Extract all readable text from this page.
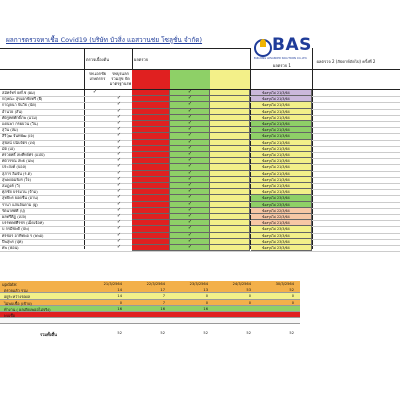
ผลการตรวจหาเชื้อ Covid19 (บริษัท บัวสิ่ง แอสวานช่ย โซลูชั่น จำกัด)	BAS
BUILDING ADVANCED SOLUTIONS CO.,LTD.
ตรวจเบื้องต้น
รพ.เอกชัย เกษตรกร
รพบุรแลกรวมสุข จัดมาตรฐานรพ
ผลตรวจ
ผลตรวจ 1
ผลตรวจ 2 (สัปดาห์ถัดไป) ครั้งที่ 2
สมัคร์ทร์ ยศไช (ผม)	✓	✓	ข้อสรุปไม่ 21/3/64
กฤษณะ สุขเอกชัยทรี (ผี)	✓	✓	ข้อสรุปไม่ 21/3/64
กาญจนา จันวิธ (นัด)	✓	✓	ข้อสรุปไม่ 21/3/64
อำนวย (สัน)	✓	✓	ข้อสรุปไม่ 21/3/64
ศัตรูทศศักดิ์ภพ (แวม)	✓	✓	ข้อสรุปไม่ 21/3/64
แดนพา กรผบวน (วิน)	✓	✓	ข้อสรุปไม่ 21/3/64
สุวัน (สม)	✓	✓	ข้อสรุปไม่ 21/3/64
สิริวุฒ จันทพัฒ (เจ)	✓	✓	ข้อสรุปไม่ 21/3/64
สุพัลน์ ปนับจัตร (เฟ)	✓	✓	ข้อสรุปไม่ 21/3/64
มัต (เอ)	✓	✓	ข้อสรุปไม่ 21/3/64
ศรวยทธิ์ ลพที่ทจ์ศร (แปป)	✓	✓	ข้อสรุปไม่ 21/3/64
ศตวรรณ สพธ (นพ)	✓	✓	ข้อสรุปไม่ 21/3/64
ประสงค์ (บอล)	✓	✓	ข้อสรุปไม่ 21/3/64
สุภาร ลิมจัน (ร.ต)	✓	✓	ข้อสรุปไม่ 21/3/64
สุพพยอมพิงร (ใจ)	✓	✓	ข้อสรุปไม่ 21/3/64
สมฎงค์ (วิ)	✓	✓	ข้อสรุปไม่ 21/3/64
ศุภชัย บรรมวน (จ้าม)	✓	✓	ข้อสรุปไม่ 21/3/64
สุทธิพร ยอดชื่น (อาน)	✓	✓	ข้อสรุปไม่ 23/3/64
รานา แสนจันดาม (ผู)	✓	✓	ข้อสรุปไม่ 23/3/64
รัตนาศศศิ (ปุ)	✓	✓	ข้อสรุปไม่ 22/3/64
ผลทรีศิฏ (เปล)	✓	✓	ข้อสรุปไม่ 22/3/64
บรรทดศศีรชร (เม็ดเจ้อท)	✓	✓	ข้อสรุปไม่ 21/3/64
บ กรมีชพดิ (ปพ)	✓	✓	ข้อสรุปไม่ 23/3/64
ศรชอร อาทิทพอ ร (พพอ)	✓	✓	ข้อสรุปไม่ 23/3/64
ปีพสุพร (ปุค)	✓	✓	ข้อสรุปไม่ 23/3/64
ศพ (ฟอน)	✓	✓	ข้อสรุปไม่ 23/3/64
update:	21/3/2564	22/3/2564	23/3/2564	24/3/2564	30/3/2564
ตรวจแล้ว รวม	14	17	13	53	52
อยู่ระหว่างรอผล	14	7	0	0	0
ไม่พบเชื้อ (เข้าผ)	0	7	0	0	0
ทำงาน ( ผลเพียงพออไม่จริง)	16	16	16
พบเชื้อ
รวมทั้งสิ้น	52	52	52	52	52
